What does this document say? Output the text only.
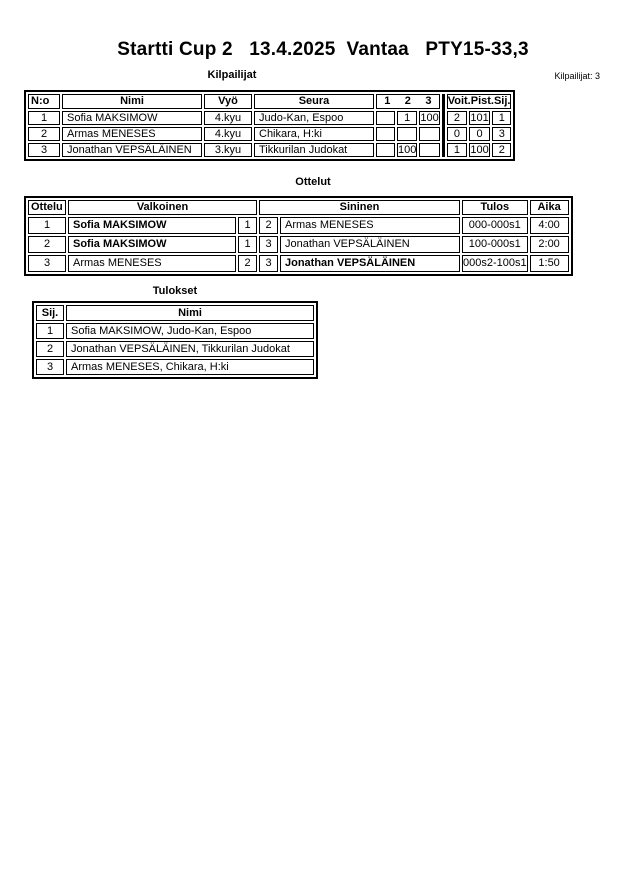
Startti Cup 2   13.4.2025  Vantaa   PTY15-33,3
Kilpailijat	Kilpailijat: 3
N:o	Nimi	Vyö	Seura	1 2 3				Voit. Pist. Sij.		

1	Sofia MAKSIMOW	4.kyu	Judo-Kan, Espoo		1	100		2	101	1
2	Armas MENESES	4.kyu	Chikara, H:ki					0	0	3
3	Jonathan VEPSÄLÄINEN	3.kyu	Tikkurilan Judokat		100			1	100	2
Ottelut
Ottelu	Valkoinen		Sininen		Tulos	Aika
1	Sofia MAKSIMOW	1	2	Armas MENESES	000-000s1	4:00
2	Sofia MAKSIMOW	1	3	Jonathan VEPSÄLÄINEN	100-000s1	2:00
3	Armas MENESES	2	3	Jonathan VEPSÄLÄINEN	000s2-100s1	1:50
Tulokset
Sij.	Nimi
1	Sofia MAKSIMOW, Judo-Kan, Espoo
2	Jonathan VEPSÄLÄINEN, Tikkurilan Judokat
3	Armas MENESES, Chikara, H:ki
